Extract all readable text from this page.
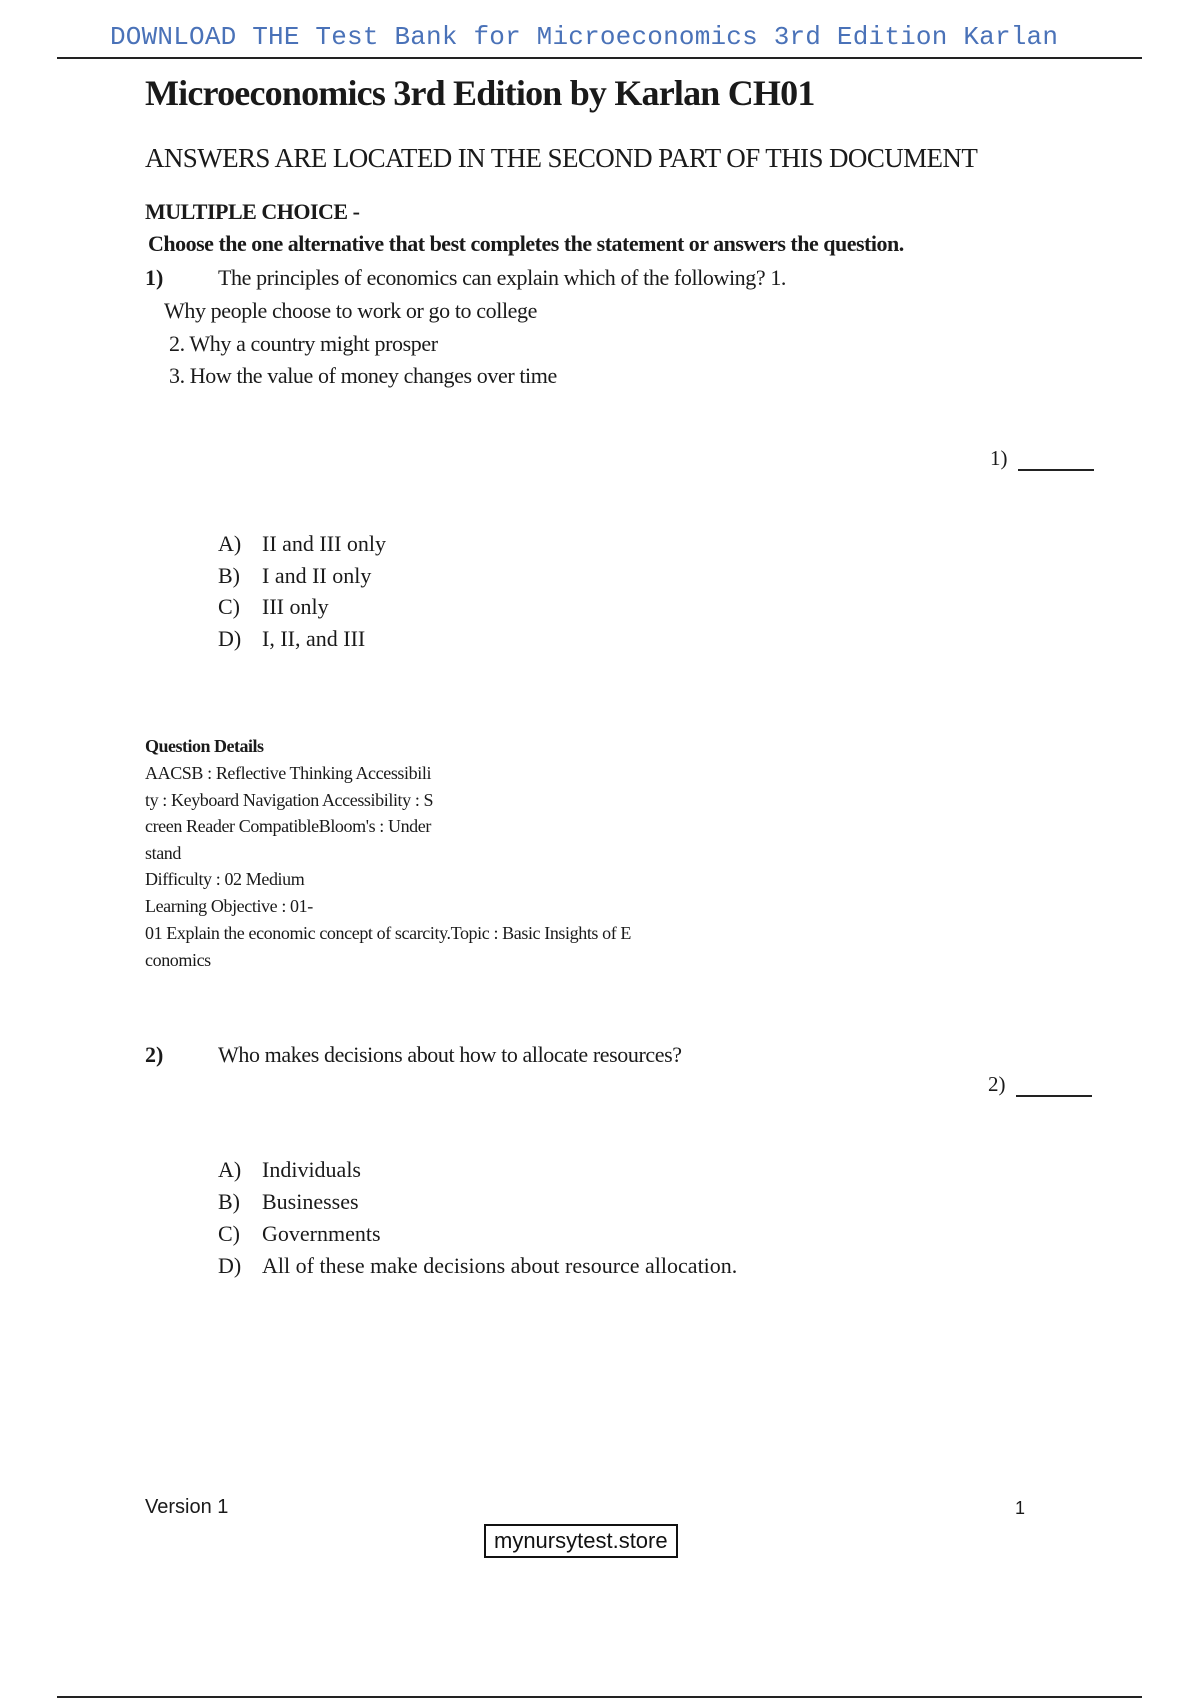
DOWNLOAD THE Test Bank for Microeconomics 3rd Edition Karlan
Microeconomics 3rd Edition by Karlan CH01
ANSWERS ARE LOCATED IN THE SECOND PART OF THIS DOCUMENT
MULTIPLE CHOICE -
Choose the one alternative that best completes the statement or answers the question.
1) The principles of economics can explain which of the following? 1.
Why people choose to work or go to college
2. Why a country might prosper
3. How the value of money changes over time
1)
A) II and III only
B)	I and II only
C)	III only
D) I, II, and III
Question Details
AACSB : Reflective Thinking Accessibili
ty : Keyboard Navigation Accessibility : S
creen Reader CompatibleBloom's : Under
stand
Difficulty : 02 Medium
Learning Objective : 01-
01 Explain the economic concept of scarcity.Topic : Basic Insights of E
conomics
2) Who makes decisions about how to allocate resources?
2)
A) Individuals
B)	Businesses
C)	Governments
D) All of these make decisions about resource allocation.
Version 1	1
mynursytest.store
